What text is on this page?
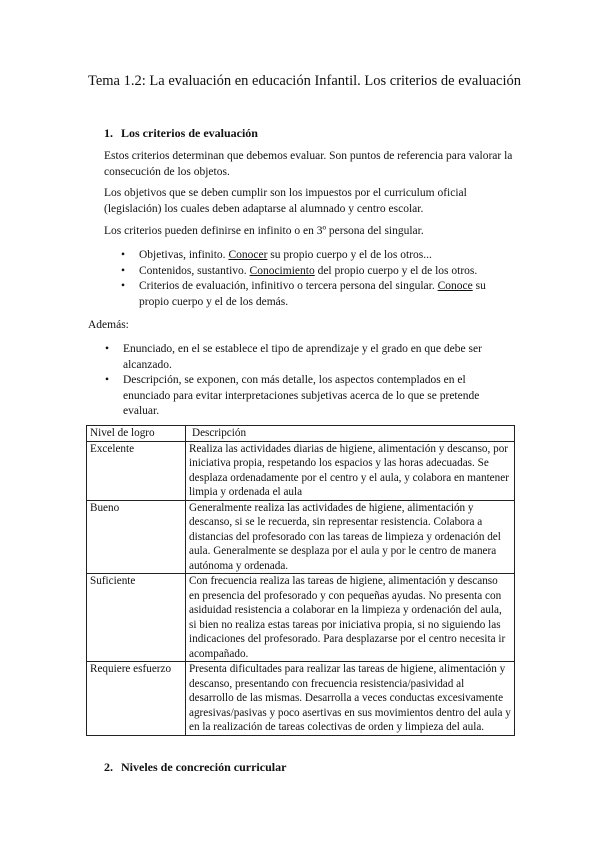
Tema 1.2: La evaluación en educación Infantil. Los criterios de evaluación
1. Los criterios de evaluación
Estos criterios determinan que debemos evaluar. Son puntos de referencia para valorar la consecución de los objetos.
Los objetivos que se deben cumplir son los impuestos por el curriculum oficial (legislación) los cuales deben adaptarse al alumnado y centro escolar.
Los criterios pueden definirse en infinito o en 3º persona del singular.
• Objetivas, infinito. Conocer su propio cuerpo y el de los otros...
• Contenidos, sustantivo. Conocimiento del propio cuerpo y el de los otros.
• Criterios de evaluación, infinitivo o tercera persona del singular. Conoce su propio cuerpo y el de los demás.
Además:
• Enunciado, en el se establece el tipo de aprendizaje y el grado en que debe ser alcanzado.
• Descripción, se exponen, con más detalle, los aspectos contemplados en el enunciado para evitar interpretaciones subjetivas acerca de lo que se pretende evaluar.
Nivel de logro	Descripción
Excelente	Realiza las actividades diarias de higiene, alimentación y descanso, por iniciativa propia, respetando los espacios y las horas adecuadas. Se desplaza ordenadamente por el centro y el aula, y colabora en mantener limpia y ordenada el aula
Bueno	Generalmente realiza las actividades de higiene, alimentación y descanso, si se le recuerda, sin representar resistencia. Colabora a distancias del profesorado con las tareas de limpieza y ordenación del aula. Generalmente se desplaza por el aula y por le centro de manera autónoma y ordenada.
Suficiente	Con frecuencia realiza las tareas de higiene, alimentación y descanso en presencia del profesorado y con pequeñas ayudas. No presenta con asiduidad resistencia a colaborar en la limpieza y ordenación del aula, si bien no realiza estas tareas por iniciativa propia, si no siguiendo las indicaciones del profesorado. Para desplazarse por el centro necesita ir acompañado.
Requiere esfuerzo	Presenta dificultades para realizar las tareas de higiene, alimentación y descanso, presentando con frecuencia resistencia/pasividad al desarrollo de las mismas. Desarrolla a veces conductas excesivamente agresivas/pasivas y poco asertivas en sus movimientos dentro del aula y en la realización de tareas colectivas de orden y limpieza del aula.
2. Niveles de concreción curricular
